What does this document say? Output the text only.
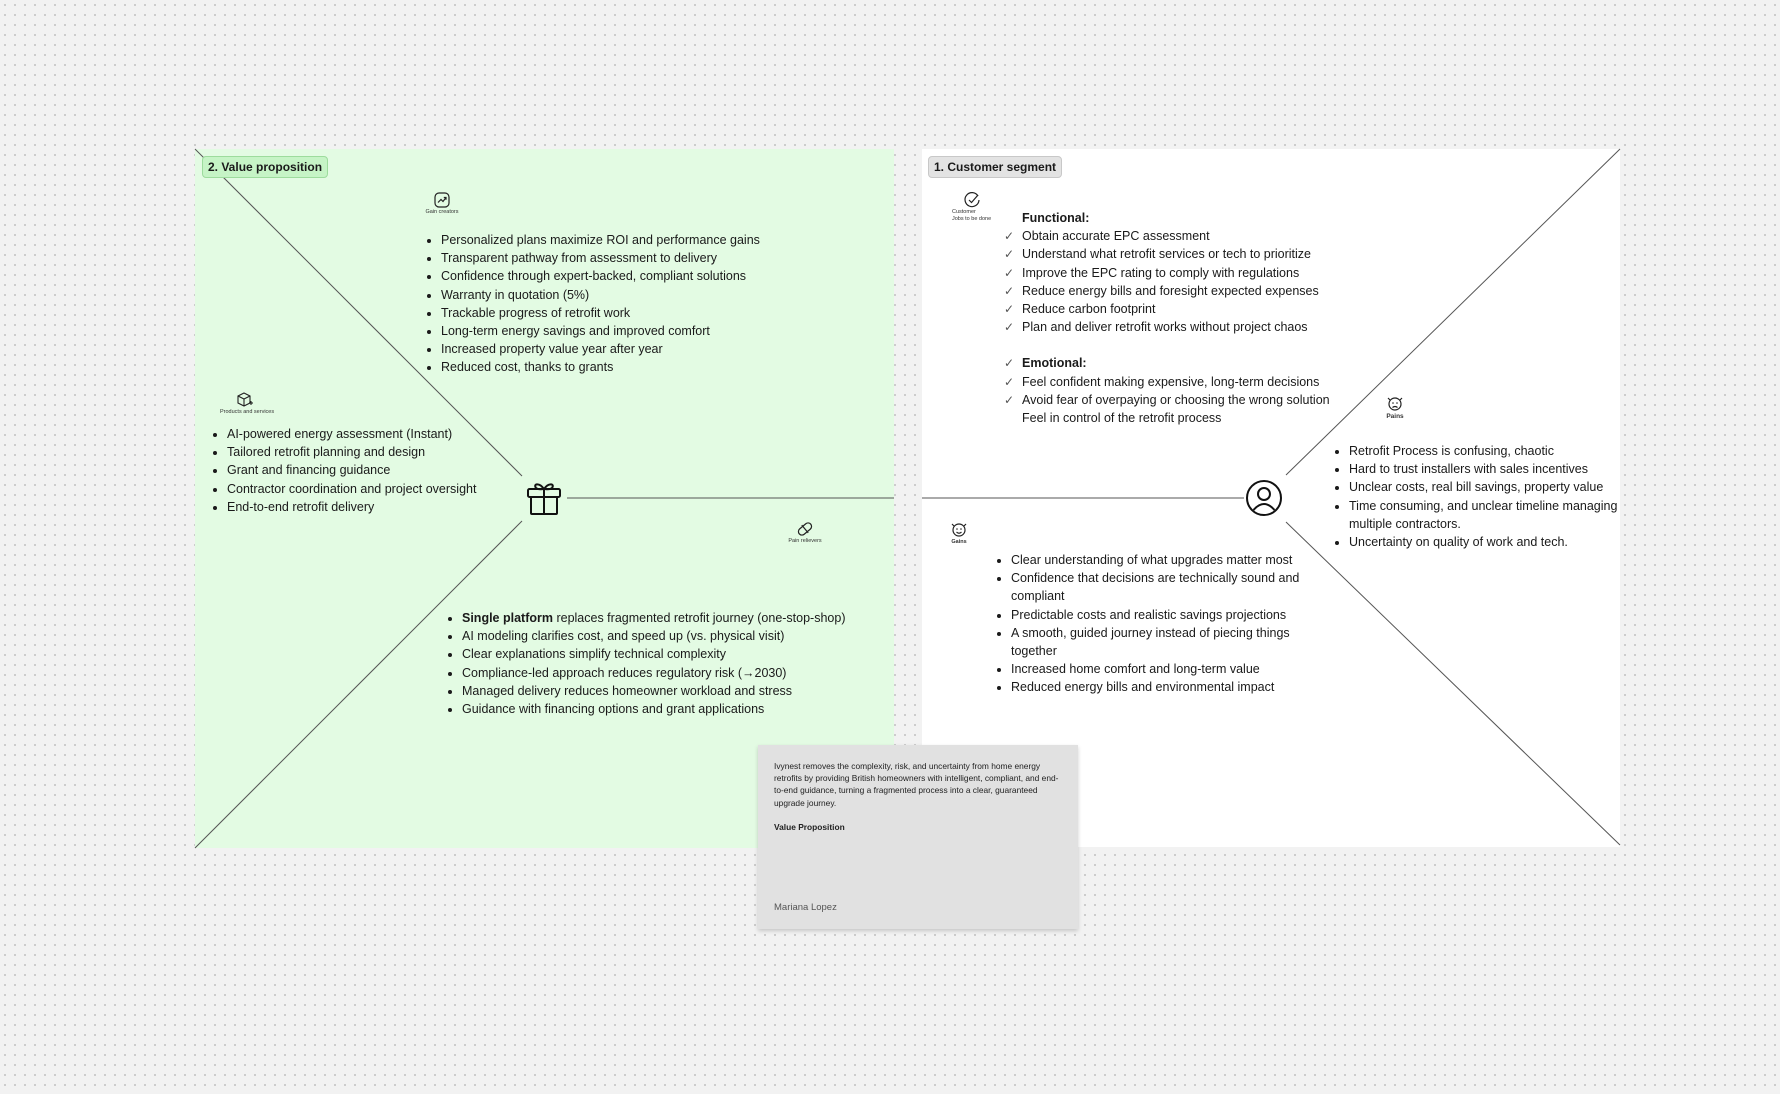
2. Value proposition
Gain creators
• Personalized plans maximize ROI and performance gains
• Transparent pathway from assessment to delivery
• Confidence through expert-backed, compliant solutions
• Warranty in quotation (5%)
• Trackable progress of retrofit work
• Long-term energy savings and improved comfort
• Increased property value year after year
• Reduced cost, thanks to grants
Products and services
• AI-powered energy assessment (Instant)
• Tailored retrofit planning and design
• Grant and financing guidance
• Contractor coordination and project oversight
• End-to-end retrofit delivery
Pain relievers
• Single platform replaces fragmented retrofit journey (one-stop-shop)
• AI modeling clarifies cost, and speed up (vs. physical visit)
• Clear explanations simplify technical complexity
• Compliance-led approach reduces regulatory risk (→2030)
• Managed delivery reduces homeowner workload and stress
• Guidance with financing options and grant applications
1. Customer segment
Customer
Jobs to be done	Functional:
✓ Obtain accurate EPC assessment
✓ Understand what retrofit services or tech to prioritize
✓ Improve the EPC rating to comply with regulations
✓ Reduce energy bills and foresight expected expenses
✓ Reduce carbon footprint
✓ Plan and deliver retrofit works without project chaos
✓ Emotional:
✓ Feel confident making expensive, long-term decisions
✓ Avoid fear of overpaying or choosing the wrong solution
Feel in control of the retrofit process	Pains
• Retrofit Process is confusing, chaotic
• Hard to trust installers with sales incentives
• Unclear costs, real bill savings, property value
• Time consuming, and unclear timeline managing multiple contractors.
• Uncertainty on quality of work and tech.
Gains
• Clear understanding of what upgrades matter most
• Confidence that decisions are technically sound and compliant
• Predictable costs and realistic savings projections
• A smooth, guided journey instead of piecing things together
• Increased home comfort and long-term value
• Reduced energy bills and environmental impact
Ivynest removes the complexity, risk, and uncertainty from home energy retrofits by providing British homeowners with intelligent, compliant, and end-to-end guidance, turning a fragmented process into a clear, guaranteed upgrade journey.
Value Proposition
Mariana Lopez
